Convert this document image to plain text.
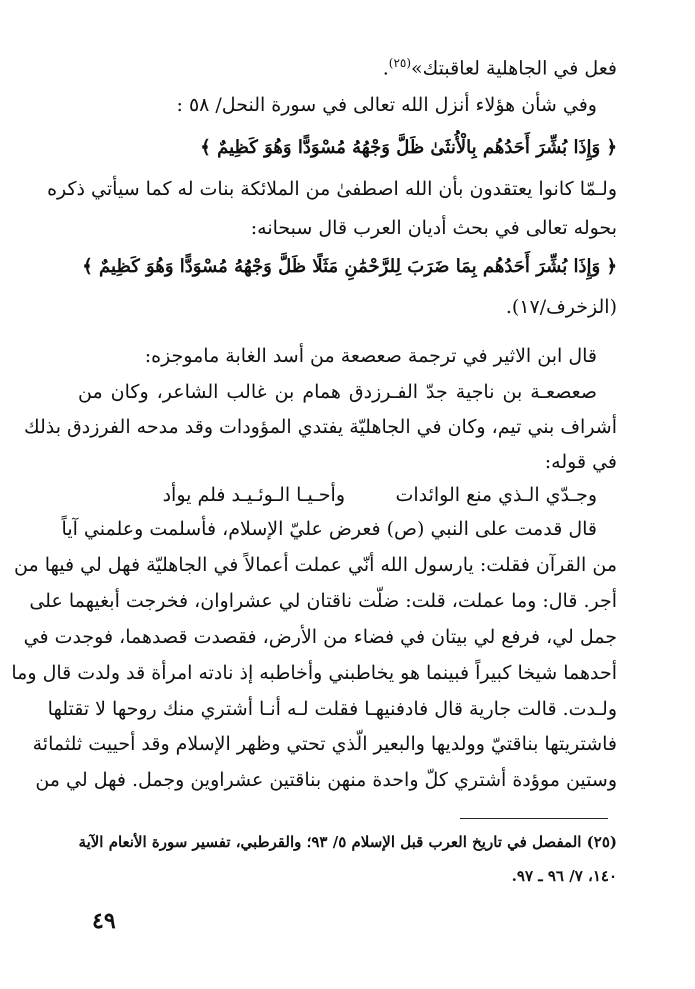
فعل في الجاهلية لعاقبتك»$^{(٢٥)}$.
وفي شأن هؤلاء أنزل الله تعالى في سورة النحل/ ٥٨ :
﴿ وَإِذَا بُشِّرَ أَحَدُهُم بِالْأُنثَىٰ ظَلَّ وَجْهُهُ مُسْوَدًّا وَهُوَ كَظِيمٌ ﴾
ولـمّا كانوا يعتقدون بأن الله اصطفىٰ من الملائكة بنات له كما سيأتي ذكره
بحوله تعالى في بحث أديان العرب قال سبحانه:
﴿ وَإِذَا بُشِّرَ أَحَدُهُم بِمَا ضَرَبَ لِلرَّحْمَٰنِ مَثَلًا ظَلَّ وَجْهُهُ مُسْوَدًّا وَهُوَ كَظِيمٌ ﴾
(الزخرف/١٧).
قال ابن الاثير في ترجمة صعصعة من أسد الغابة ماموجزه:
صعصعـة بن ناجية جدّ الفـرزدق همام بن غالب الشاعر، وكان من
أشراف بني تيم، وكان في الجاهليّة يفتدي المؤودات وقد مدحه الفرزدق بذلك
في قوله:
وجـدّي الـذي منع الوائدات
وأحـيـا الـوئـيـد فلم يوأد
قال قدمت على النبي (ص) فعرض عليّ الإسلام، فأسلمت وعلمني آياً
من القرآن فقلت: يارسول الله أنّي عملت أعمالاً في الجاهليّة فهل لي فيها من
أجر. قال: وما عملت، قلت: ضلّت ناقتان لي عشراوان، فخرجت أبغيهما على
جمل لي، فرفع لي بيتان في فضاء من الأرض، فقصدت قصدهما، فوجدت في
أحدهما شيخا كبيراً فبينما هو يخاطبني وأخاطبه إذ نادته امرأة قد ولدت قال وما
ولـدت. قالت جارية قال فادفنيهـا فقلت لـه أنـا أشتري منك روحها لا تقتلها
فاشتريتها بناقتيّ وولديها والبعير الّذي تحتي وظهر الإسلام وقد أحييت ثلثمائة
وستين موؤدة أشتري كلّ واحدة منهن بناقتين عشراوين وجمل. فهل لي من
(٢٥) المفصل في تاريخ العرب قبل الإسلام ٥/ ٩٣؛ والقرطبي، تفسير سورة الأنعام الآية
١٤٠، ٧/ ٩٦ ـ ٩٧.
٤٩
